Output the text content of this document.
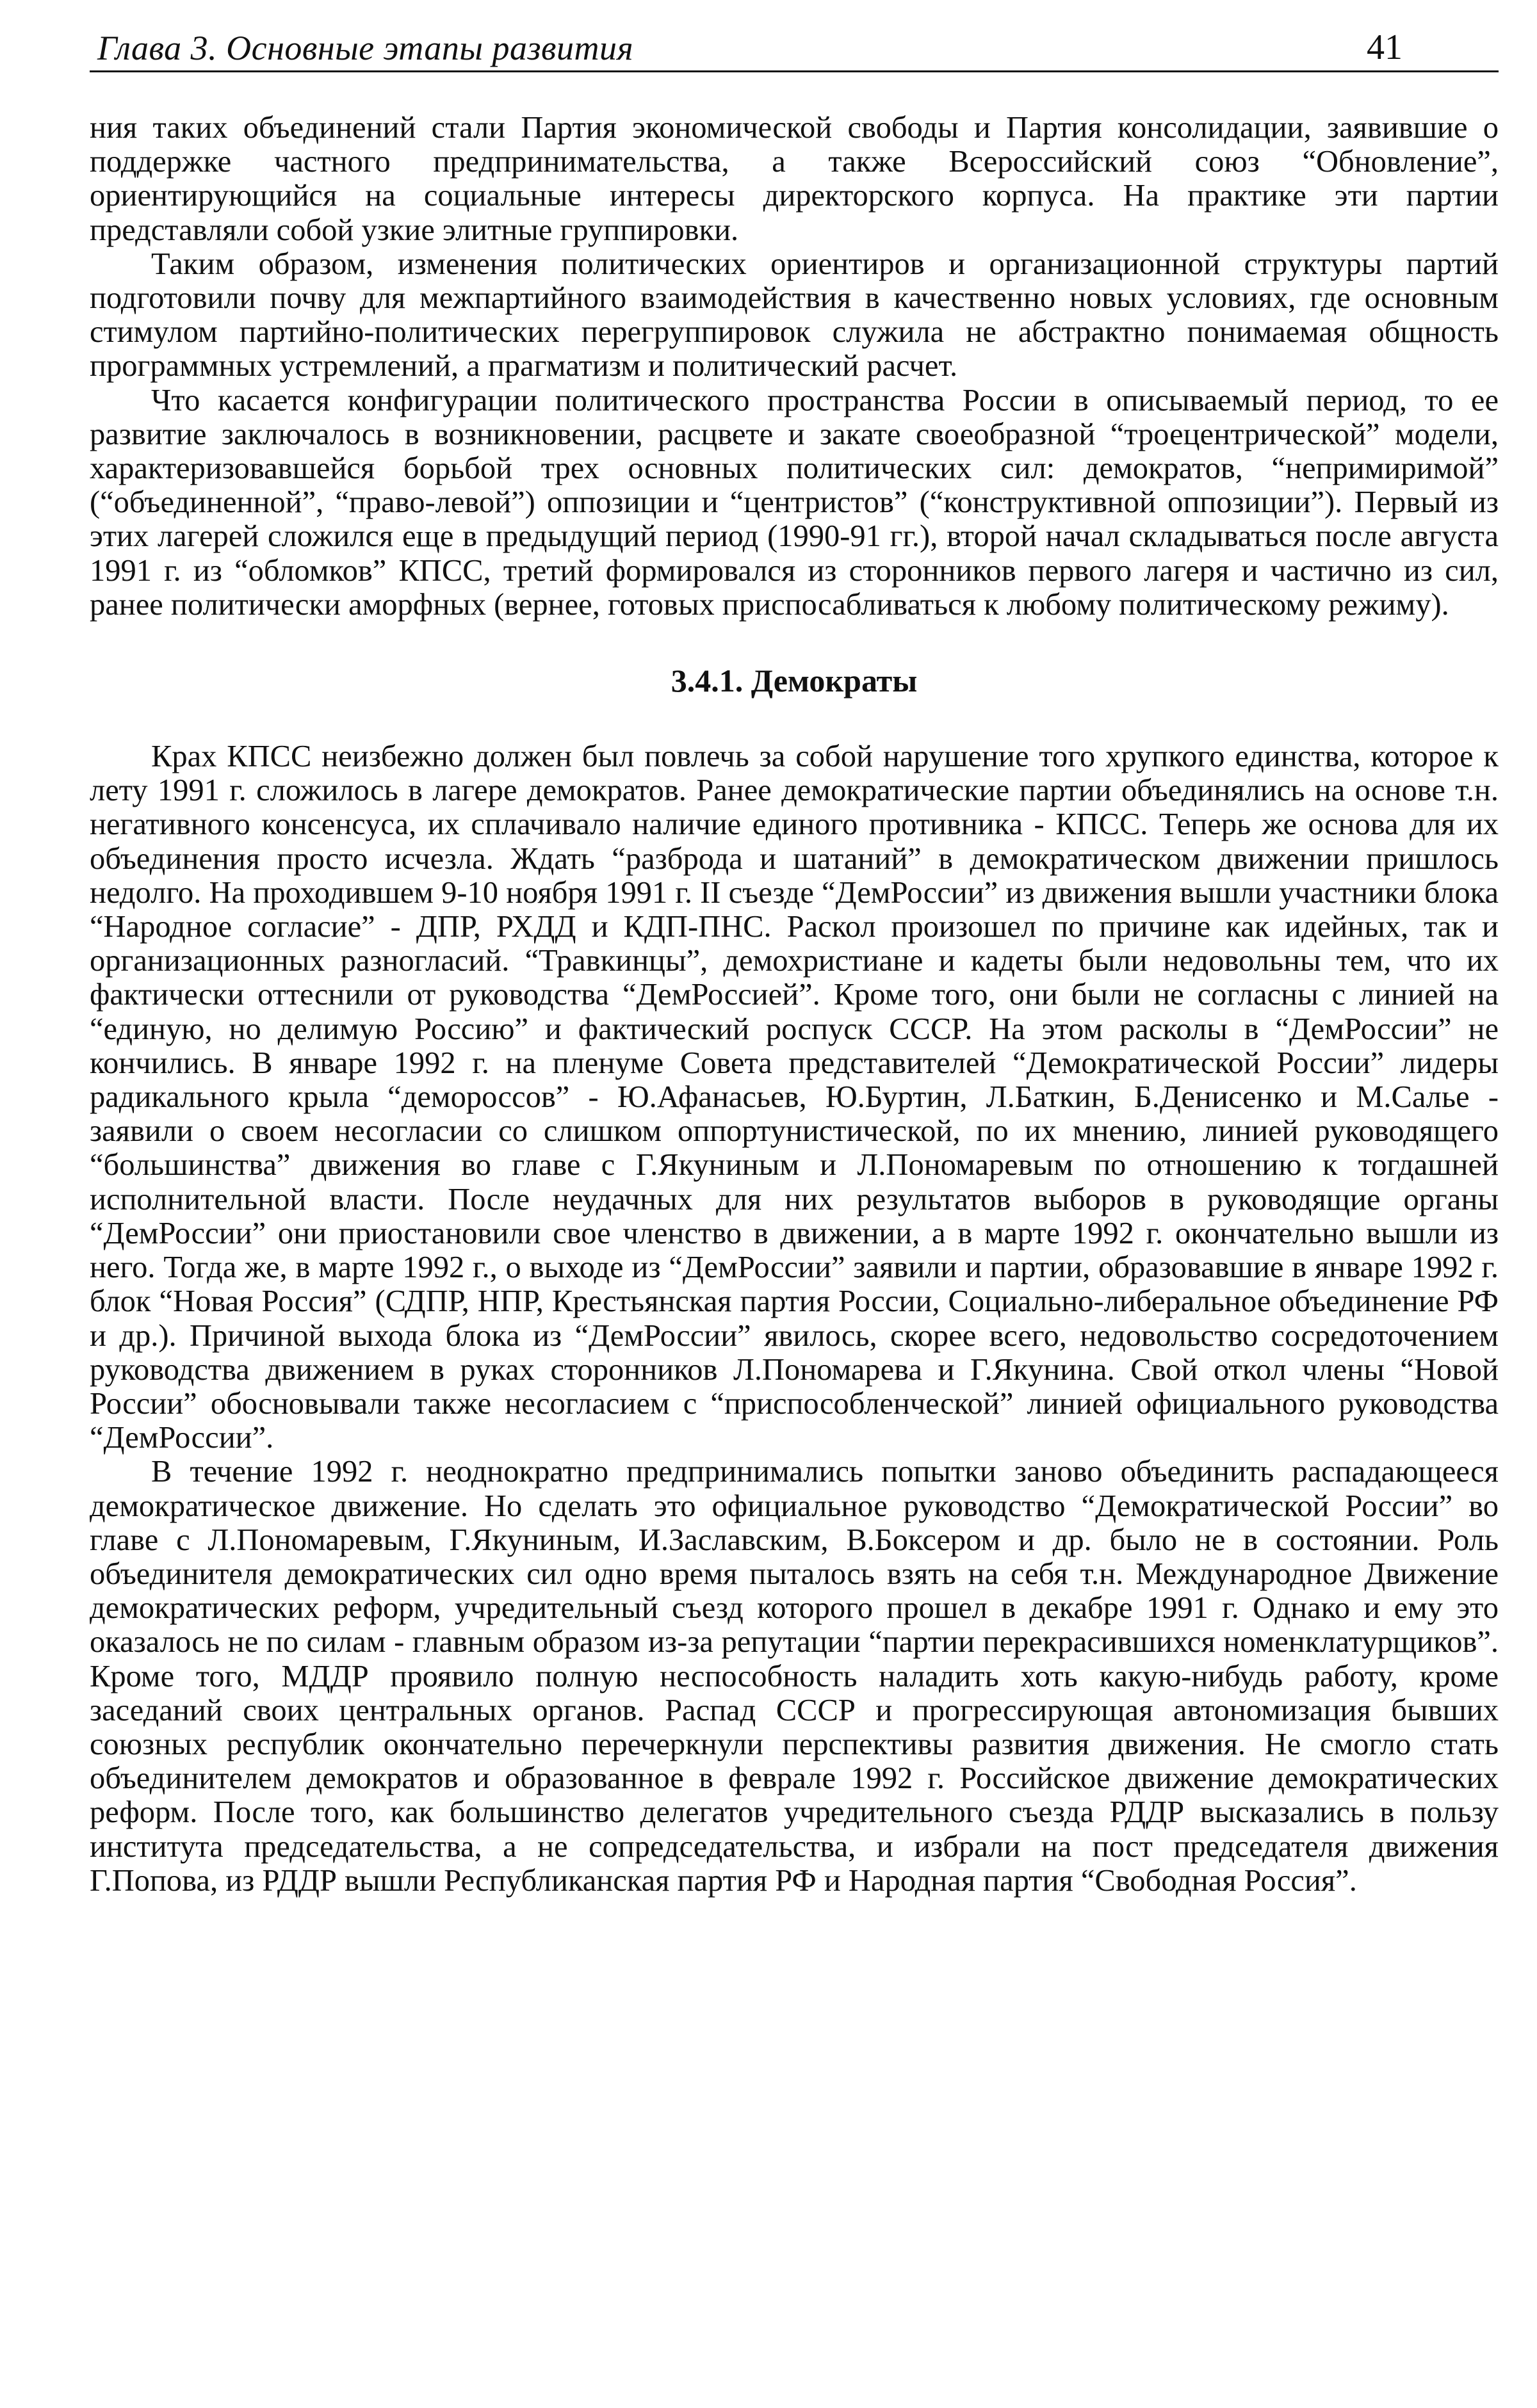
Глава 3. Основные этапы развития	41

ния таких объединений стали Партия экономической свободы и Партия консолидации, заявившие о поддержке частного предпринимательства, а также Всероссийский союз “Обновление”, ориентирующийся на социальные интересы директорского корпуса. На практике эти партии представляли собой узкие элитные группировки.

Таким образом, изменения политических ориентиров и организационной структуры партий подготовили почву для межпартийного взаимодействия в качественно новых условиях, где основным стимулом партийно-политических перегруппировок служила не абстрактно понимаемая общность программных устремлений, а прагматизм и политический расчет.

Что касается конфигурации политического пространства России в описываемый период, то ее развитие заключалось в возникновении, расцвете и закате своеобразной “троецентрической” модели, характеризовавшейся борьбой трех основных политических сил: демократов, “непримиримой” (“объединенной”, “право-левой”) оппозиции и “центристов” (“конструктивной оппозиции”). Первый из этих лагерей сложился еще в предыдущий период (1990-91 гг.), второй начал складываться после августа 1991 г. из “обломков” КПСС, третий формировался из сторонников первого лагеря и частично из сил, ранее политически аморфных (вернее, готовых приспосабливаться к любому политическому режиму).

3.4.1. Демократы

Крах КПСС неизбежно должен был повлечь за собой нарушение того хрупкого единства, которое к лету 1991 г. сложилось в лагере демократов. Ранее демократические партии объединялись на основе т.н. негативного консенсуса, их сплачивало наличие единого противника - КПСС. Теперь же основа для их объединения просто исчезла. Ждать “разброда и шатаний” в демократическом движении пришлось недолго. На проходившем 9-10 ноября 1991 г. II съезде “ДемРоссии” из движения вышли участники блока “Народное согласие” - ДПР, РХДД и КДП-ПНС. Раскол произошел по причине как идейных, так и организационных разногласий. “Травкинцы”, демохристиане и кадеты были недовольны тем, что их фактически оттеснили от руководства “ДемРоссией”. Кроме того, они были не согласны с линией на “единую, но делимую Россию” и фактический роспуск СССР. На этом расколы в “ДемРоссии” не кончились. В январе 1992 г. на пленуме Совета представителей “Демократической России” лидеры радикального крыла “демороссов” - Ю.Афанасьев, Ю.Буртин, Л.Баткин, Б.Денисенко и М.Салье - заявили о своем несогласии со слишком оппортунистической, по их мнению, линией руководящего “большинства” движения во главе с Г.Якуниным и Л.Пономаревым по отношению к тогдашней исполнительной власти. После неудачных для них результатов выборов в руководящие органы “ДемРоссии” они приостановили свое членство в движении, а в марте 1992 г. окончательно вышли из него. Тогда же, в марте 1992 г., о выходе из “ДемРоссии” заявили и партии, образовавшие в январе 1992 г. блок “Новая Россия” (СДПР, НПР, Крестьянская партия России, Социально-либеральное объединение РФ и др.). Причиной выхода блока из “ДемРоссии” явилось, скорее всего, недовольство сосредоточением руководства движением в руках сторонников Л.Пономарева и Г.Якунина. Свой откол члены “Новой России” обосновывали также несогласием с “приспособленческой” линией официального руководства “ДемРоссии”.

В течение 1992 г. неоднократно предпринимались попытки заново объединить распадающееся демократическое движение. Но сделать это официальное руководство “Демократической России” во главе с Л.Пономаревым, Г.Якуниным, И.Заславским, В.Боксером и др. было не в состоянии. Роль объединителя демократических сил одно время пыталось взять на себя т.н. Международное Движение демократических реформ, учредительный съезд которого прошел в декабре 1991 г. Однако и ему это оказалось не по силам - главным образом из-за репутации “партии перекрасившихся номенклатурщиков”. Кроме того, МДДР проявило полную неспособность наладить хоть какую-нибудь работу, кроме заседаний своих центральных органов. Распад СССР и прогрессирующая автономизация бывших союзных республик окончательно перечеркнули перспективы развития движения. Не смогло стать объединителем демократов и образованное в феврале 1992 г. Российское движение демократических реформ. После того, как большинство делегатов учредительного съезда РДДР высказались в пользу института председательства, а не сопредседательства, и избрали на пост председателя движения Г.Попова, из РДДР вышли Республиканская партия РФ и Народная партия “Свободная Россия”.
